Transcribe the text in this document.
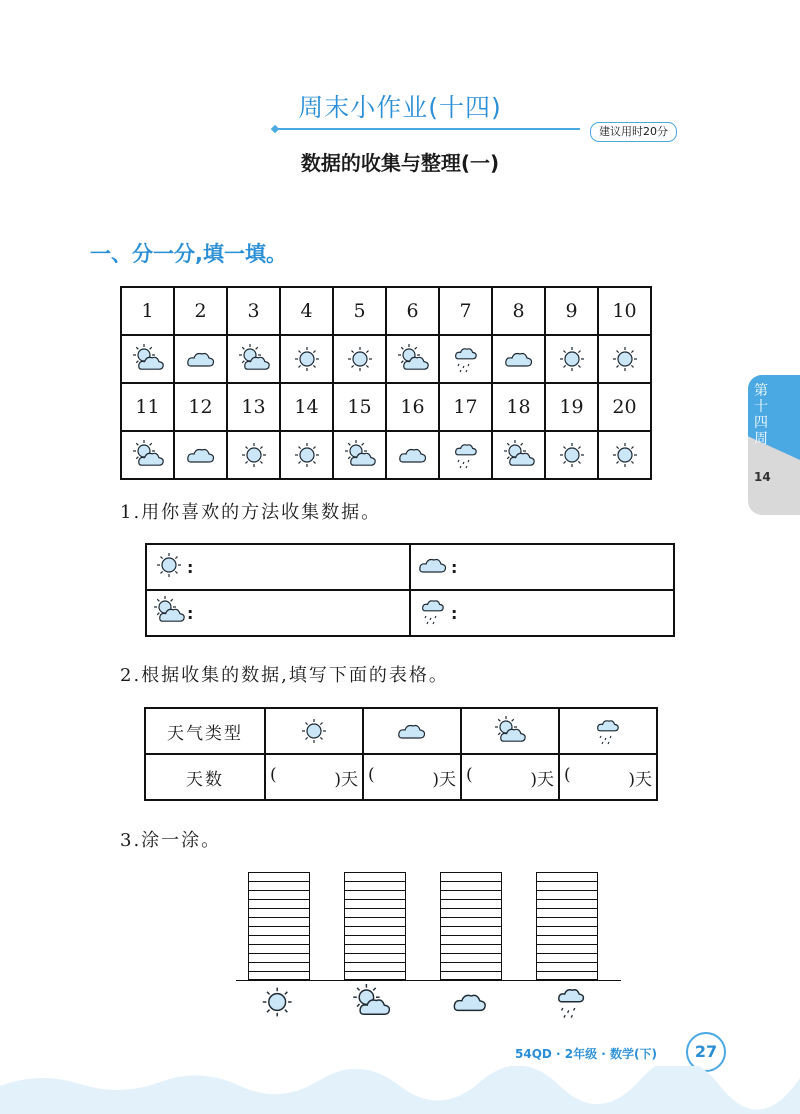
周末小作业(十四)
建议用时20分
数据的收集与整理(一)
一、分一分,填一填。
1	2	3	4	5	6	7	8	9	10

11	12	13	14	15	16	17	18	19	20

1.用你喜欢的方法收集数据。
:	:

:	:
2.根据收集的数据,填写下面的表格。
天气类型	

天数	( )天	( )天	( )天	( )天
3.涂一涂。
第十四周
14
54QD · 2年级 · 数学(下)	27
